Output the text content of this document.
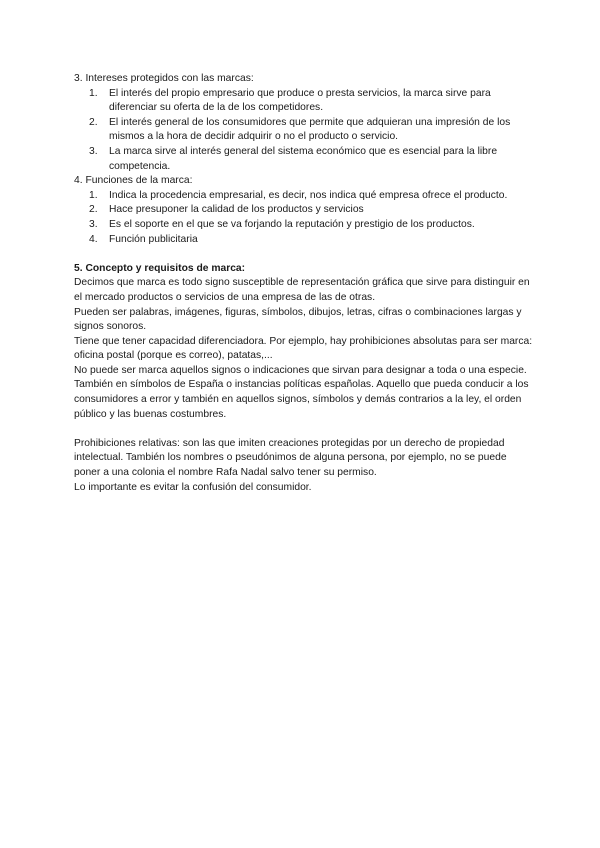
3. Intereses protegidos con las marcas:

1. El interés del propio empresario que produce o presta servicios, la marca sirve para diferenciar su oferta de la de los competidores.
2. El interés general de los consumidores que permite que adquieran una impresión de los mismos a la hora de decidir adquirir o no el producto o servicio.
3. La marca sirve al interés general del sistema económico que es esencial para la libre competencia.

4. Funciones de la marca:

1. Indica la procedencia empresarial, es decir, nos indica qué empresa ofrece el producto.
2. Hace presuponer la calidad de los productos y servicios
3. Es el soporte en el que se va forjando la reputación y prestigio de los productos.
4. Función publicitaria

5. Concepto y requisitos de marca:

Decimos que marca es todo signo susceptible de representación gráfica que sirve para distinguir en el mercado productos o servicios de una empresa de las de otras.

Pueden ser palabras, imágenes, figuras, símbolos, dibujos, letras, cifras o combinaciones largas y signos sonoros.

Tiene que tener capacidad diferenciadora. Por ejemplo, hay prohibiciones absolutas para ser marca: oficina postal (porque es correo), patatas,...

No puede ser marca aquellos signos o indicaciones que sirvan para designar a toda o una especie. También en símbolos de España o instancias políticas españolas. Aquello que pueda conducir a los consumidores a error y también en aquellos signos, símbolos y demás contrarios a la ley, el orden público y las buenas costumbres.

Prohibiciones relativas: son las que imiten creaciones protegidas por un derecho de propiedad intelectual. También los nombres o pseudónimos de alguna persona, por ejemplo, no se puede poner a una colonia el nombre Rafa Nadal salvo tener su permiso.

Lo importante es evitar la confusión del consumidor.
